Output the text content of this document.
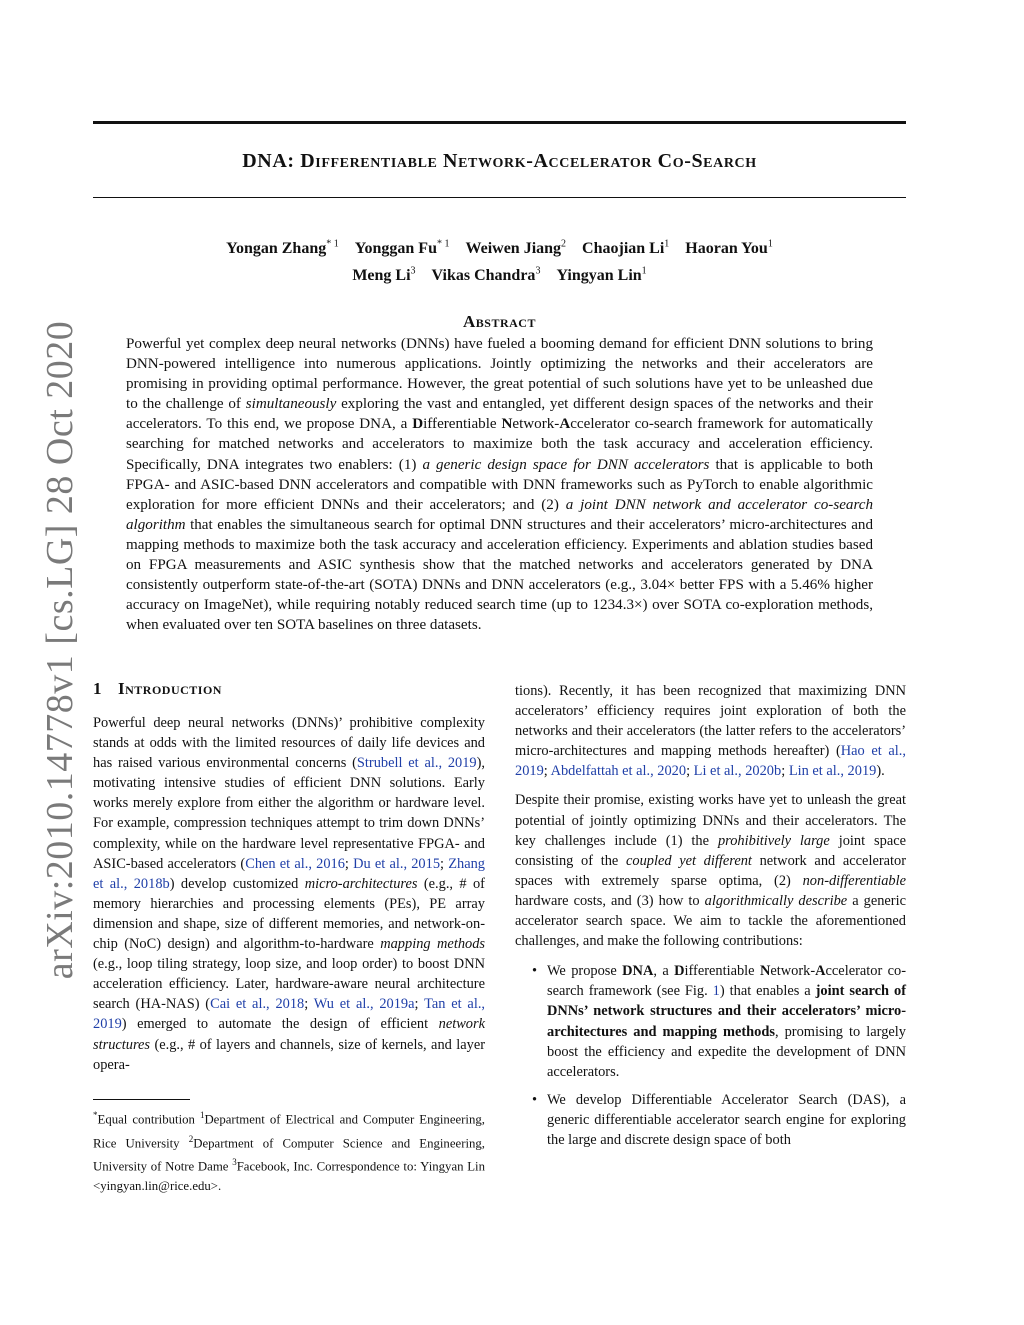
arXiv:2010.14778v1 [cs.LG] 28 Oct 2020
DNA: Differentiable Network-Accelerator Co-Search
Yongan Zhang$^{* 1}$ Yonggan Fu$^{* 1}$ Weiwen Jiang$^2$ Chaojian Li$^1$ Haoran You$^1$
Meng Li$^3$ Vikas Chandra$^3$ Yingyan Lin$^1$
Abstract
Powerful yet complex deep neural networks (DNNs) have fueled a booming demand for efficient DNN solutions to bring DNN-powered intelligence into numerous applications. Jointly optimizing the networks and their accelerators are promising in providing optimal performance. However, the great potential of such solutions have yet to be unleashed due to the challenge of simultaneously exploring the vast and entangled, yet different design spaces of the networks and their accelerators. To this end, we propose DNA, a Differentiable Network-Accelerator co-search framework for automatically searching for matched networks and accelerators to maximize both the task accuracy and acceleration efficiency. Specifically, DNA integrates two enablers: (1) a generic design space for DNN accelerators that is applicable to both FPGA- and ASIC-based DNN accelerators and compatible with DNN frameworks such as PyTorch to enable algorithmic exploration for more efficient DNNs and their accelerators; and (2) a joint DNN network and accelerator co-search algorithm that enables the simultaneous search for optimal DNN structures and their accelerators’ micro-architectures and mapping methods to maximize both the task accuracy and acceleration efficiency. Experiments and ablation studies based on FPGA measurements and ASIC synthesis show that the matched networks and accelerators generated by DNA consistently outperform state-of-the-art (SOTA) DNNs and DNN accelerators (e.g., 3.04× better FPS with a 5.46% higher accuracy on ImageNet), while requiring notably reduced search time (up to 1234.3×) over SOTA co-exploration methods, when evaluated over ten SOTA baselines on three datasets.
1 Introduction

Powerful deep neural networks (DNNs)’ prohibitive complexity stands at odds with the limited resources of daily life devices and has raised various environmental concerns (Strubell et al., 2019), motivating intensive studies of efficient DNN solutions. Early works merely explore from either the algorithm or hardware level. For example, compression techniques attempt to trim down DNNs’ complexity, while on the hardware level representative FPGA- and ASIC-based accelerators (Chen et al., 2016; Du et al., 2015; Zhang et al., 2018b) develop customized micro-architectures (e.g., # of memory hierarchies and processing elements (PEs), PE array dimension and shape, size of different memories, and network-on-chip (NoC) design) and algorithm-to-hardware mapping methods (e.g., loop tiling strategy, loop size, and loop order) to boost DNN acceleration efficiency. Later, hardware-aware neural architecture search (HA-NAS) (Cai et al., 2018; Wu et al., 2019a; Tan et al., 2019) emerged to automate the design of efficient network structures (e.g., # of layers and channels, size of kernels, and layer opera-

*Equal contribution $^1$Department of Electrical and Computer Engineering, Rice University $^2$Department of Computer Science and Engineering, University of Notre Dame $^3$Facebook, Inc. Correspondence to: Yingyan Lin <yingyan.lin@rice.edu>.

tions). Recently, it has been recognized that maximizing DNN accelerators’ efficiency requires joint exploration of both the networks and their accelerators (the latter refers to the accelerators’ micro-architectures and mapping methods hereafter) (Hao et al., 2019; Abdelfattah et al., 2020; Li et al., 2020b; Lin et al., 2019).

Despite their promise, existing works have yet to unleash the great potential of jointly optimizing DNNs and their accelerators. The key challenges include (1) the prohibitively large joint space consisting of the coupled yet different network and accelerator spaces with extremely sparse optima, (2) non-differentiable hardware costs, and (3) how to algorithmically describe a generic accelerator search space. We aim to tackle the aforementioned challenges, and make the following contributions:

• We propose DNA, a Differentiable Network-Accelerator co-search framework (see Fig. 1) that enables a joint search of DNNs’ network structures and their accelerators’ micro-architectures and mapping methods, promising to largely boost the efficiency and expedite the development of DNN accelerators.
• We develop Differentiable Accelerator Search (DAS), a generic differentiable accelerator search engine for exploring the large and discrete design space of both
